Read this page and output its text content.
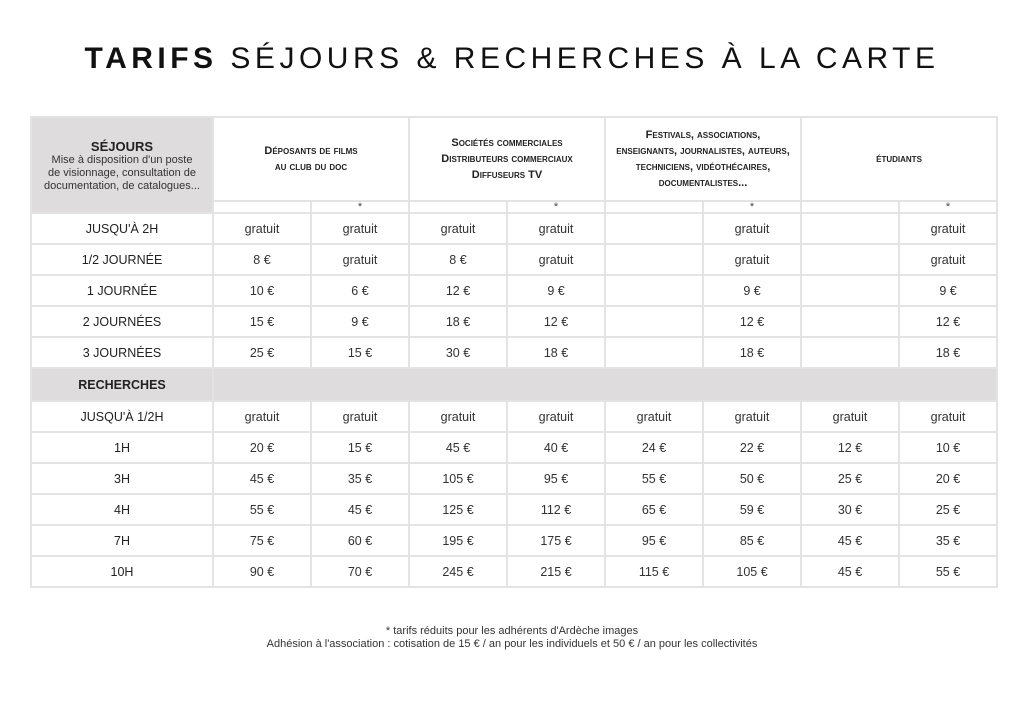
TARIFS SÉJOURS & RECHERCHES À LA CARTE
SÉJOURS
Mise à disposition d'un poste
de visionnage, consultation de
documentation, de catalogues...	Déposants de films
au club du doc		Sociétés commerciales
Distributeurs commerciaux
Diffuseurs TV		Festivals, associations,
enseignants, journalistes, auteurs,
techniciens, vidéothécaires,
documentalistes...		étudiants	

		*		*		*		*
JUSQU'À 2H	gratuit	gratuit	gratuit	gratuit		gratuit		gratuit
1/2 JOURNÉE	8 €	gratuit	8 €	gratuit		gratuit		gratuit
1 JOURNÉE	10 €	6 €	12 €	9 €		9 €		9 €
2 JOURNÉES	15 €	9 €	18 €	12 €		12 €		12 €
3 JOURNÉES	25 €	15 €	30 €	18 €		18 €		18 €
RECHERCHES								
JUSQU'À 1/2H	gratuit	gratuit	gratuit	gratuit	gratuit	gratuit	gratuit	gratuit
1H	20 €	15 €	45 €	40 €	24 €	22 €	12 €	10 €
3H	45 €	35 €	105 €	95 €	55 €	50 €	25 €	20 €
4H	55 €	45 €	125 €	112 €	65 €	59 €	30 €	25 €
7H	75 €	60 €	195 €	175 €	95 €	85 €	45 €	35 €
10H	90 €	70 €	245 €	215 €	115 €	105 €	45 €	55 €
* tarifs réduits pour les adhérents d'Ardèche images
Adhésion à l'association : cotisation de 15 € / an pour les individuels et 50 € / an pour les collectivités
